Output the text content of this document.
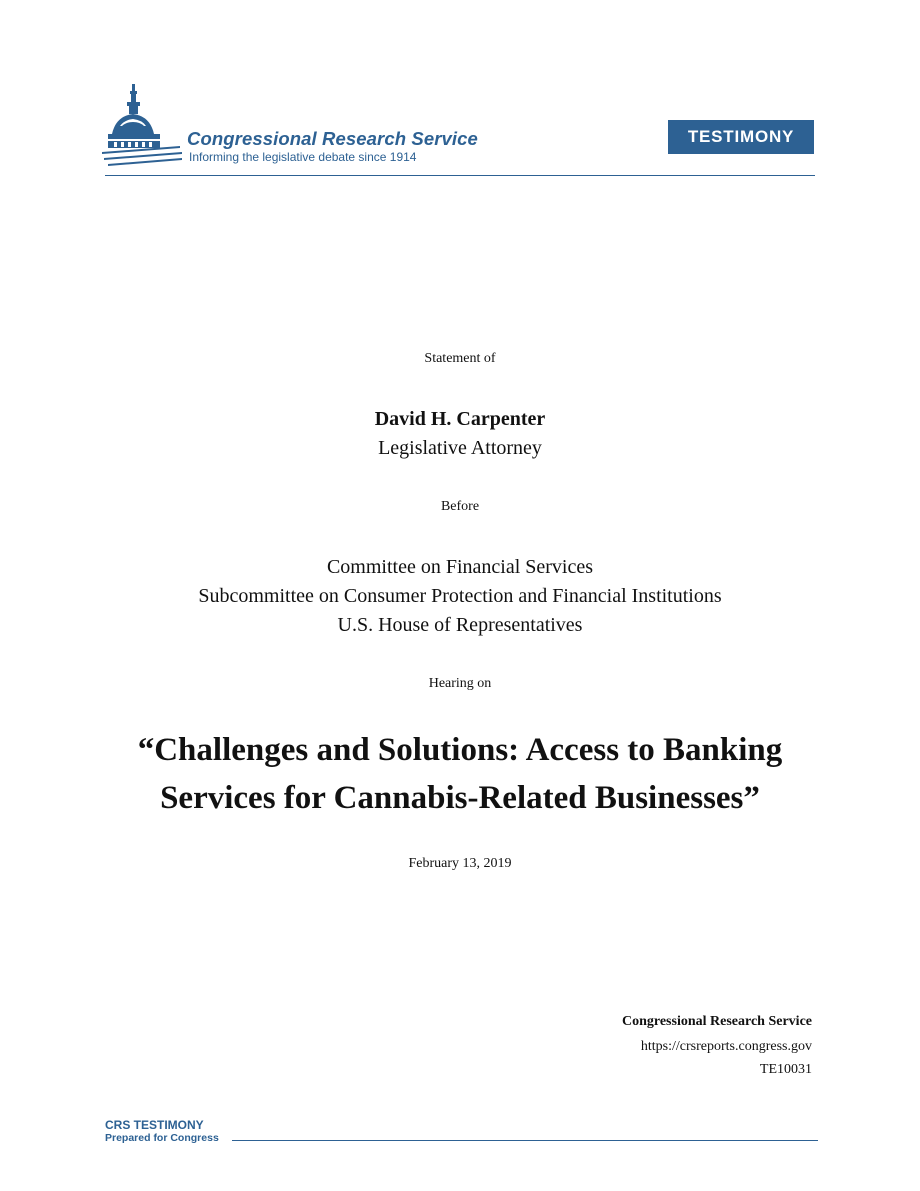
Congressional Research Service
Informing the legislative debate since 1914
TESTIMONY
Statement of
David H. Carpenter
Legislative Attorney
Before
Committee on Financial Services
Subcommittee on Consumer Protection and Financial Institutions
U.S. House of Representatives
Hearing on
“Challenges and Solutions: Access to Banking
Services for Cannabis-Related Businesses”
February 13, 2019
Congressional Research Service
https://crsreports.congress.gov
TE10031
CRS TESTIMONY
Prepared for Congress
